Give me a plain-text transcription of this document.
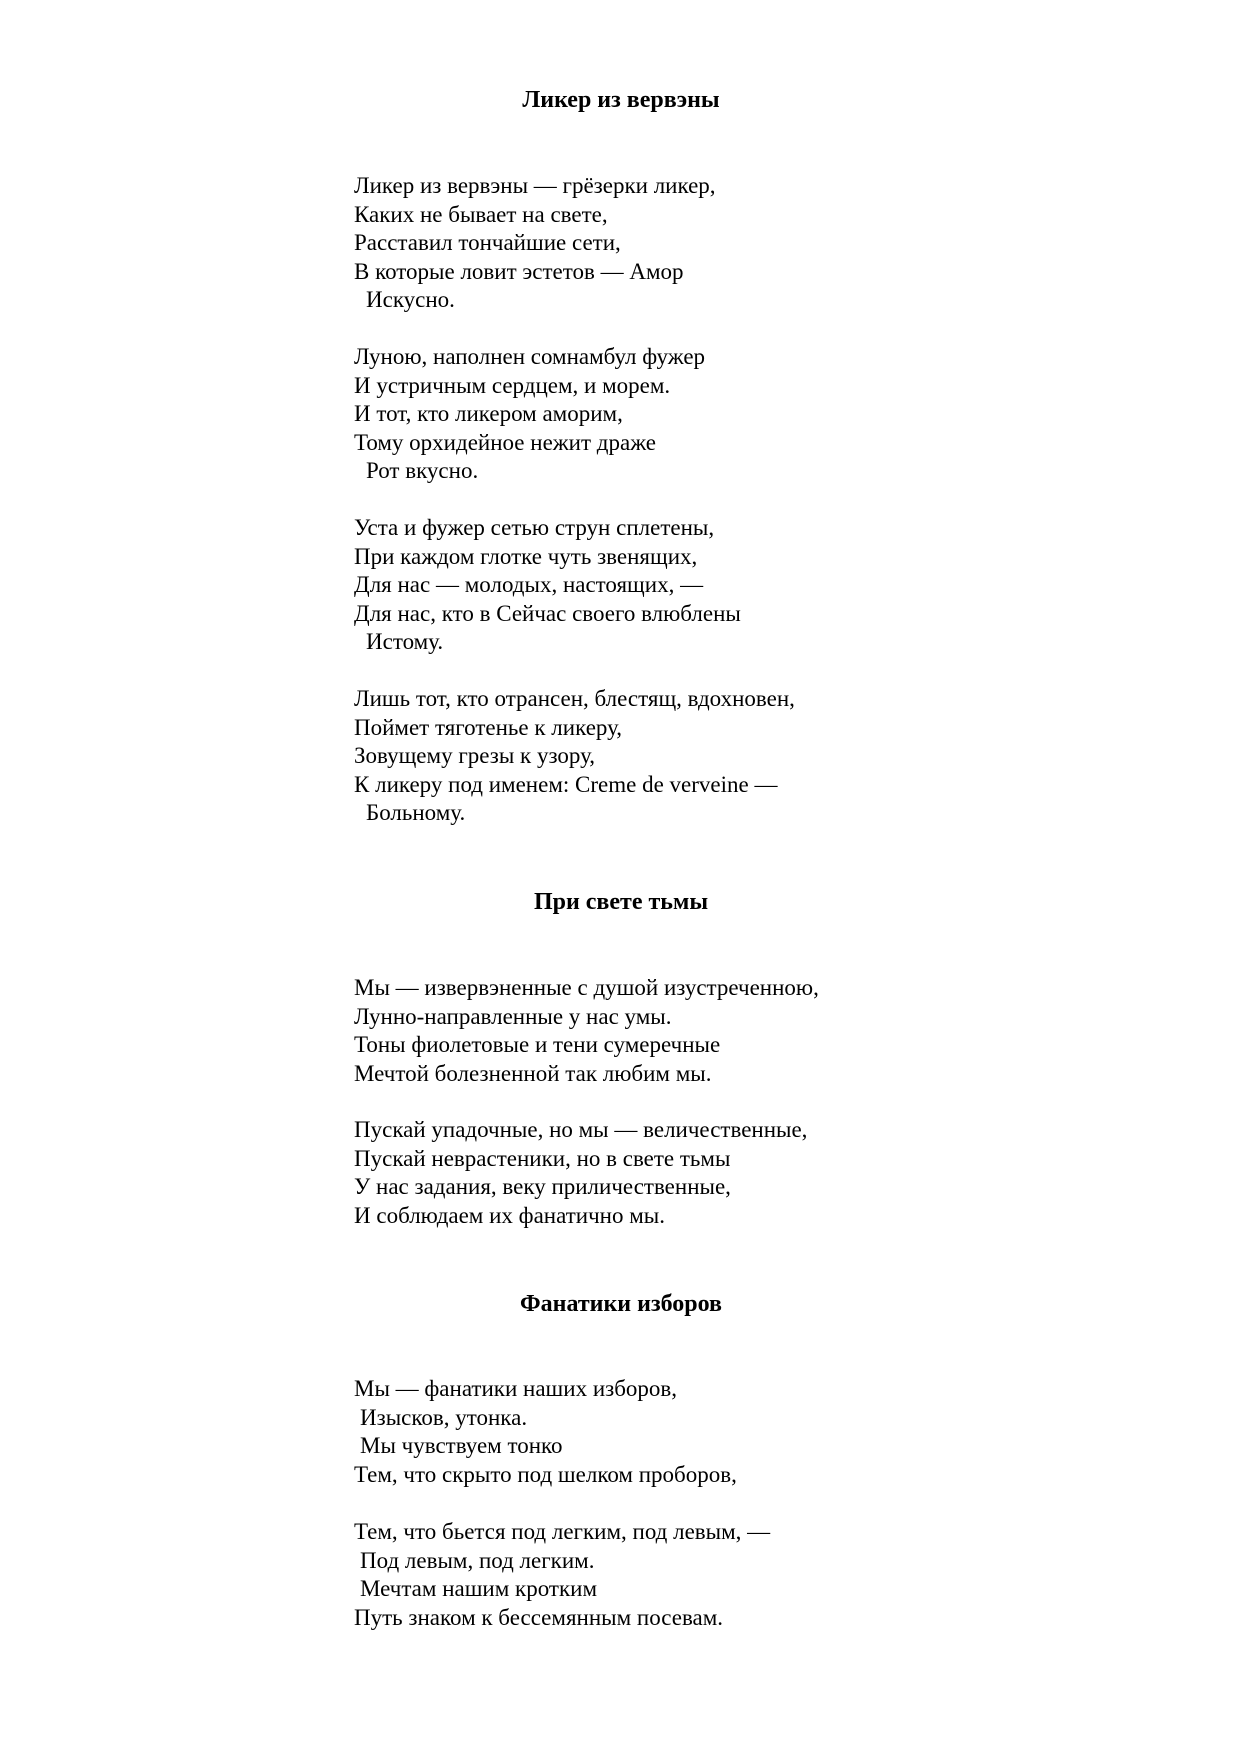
Ликер из вервэны
Ликер из вервэны — грёзерки ликер,
Каких не бывает на свете,
Расставил тончайшие сети,
В которые ловит эстетов — Амор
Искусно.
Луною, наполнен сомнамбул фужер
И устричным сердцем, и морем.
И тот, кто ликером аморим,
Тому орхидейное нежит драже
Рот вкусно.
Уста и фужер сетью струн сплетены,
При каждом глотке чуть звенящих,
Для нас — молодых, настоящих, —
Для нас, кто в Сейчас своего влюблены
Истому.
Лишь тот, кто отрансен, блестящ, вдохновен,
Поймет тяготенье к ликеру,
Зовущему грезы к узору,
К ликеру под именем: Creme de verveine —
Больному.
При свете тьмы
Мы — извервэненные с душой изустреченною,
Лунно-направленные у нас умы.
Тоны фиолетовые и тени сумеречные
Мечтой болезненной так любим мы.
Пускай упадочные, но мы — величественные,
Пускай неврастеники, но в свете тьмы
У нас задания, веку приличественные,
И соблюдаем их фанатично мы.
Фанатики изборов
Мы — фанатики наших изборов,
Изысков, утонка.
Мы чувствуем тонко
Тем, что скрыто под шелком проборов,
Тем, что бьется под легким, под левым, —
Под левым, под легким.
Мечтам нашим кротким
Путь знаком к бессемянным посевам.
